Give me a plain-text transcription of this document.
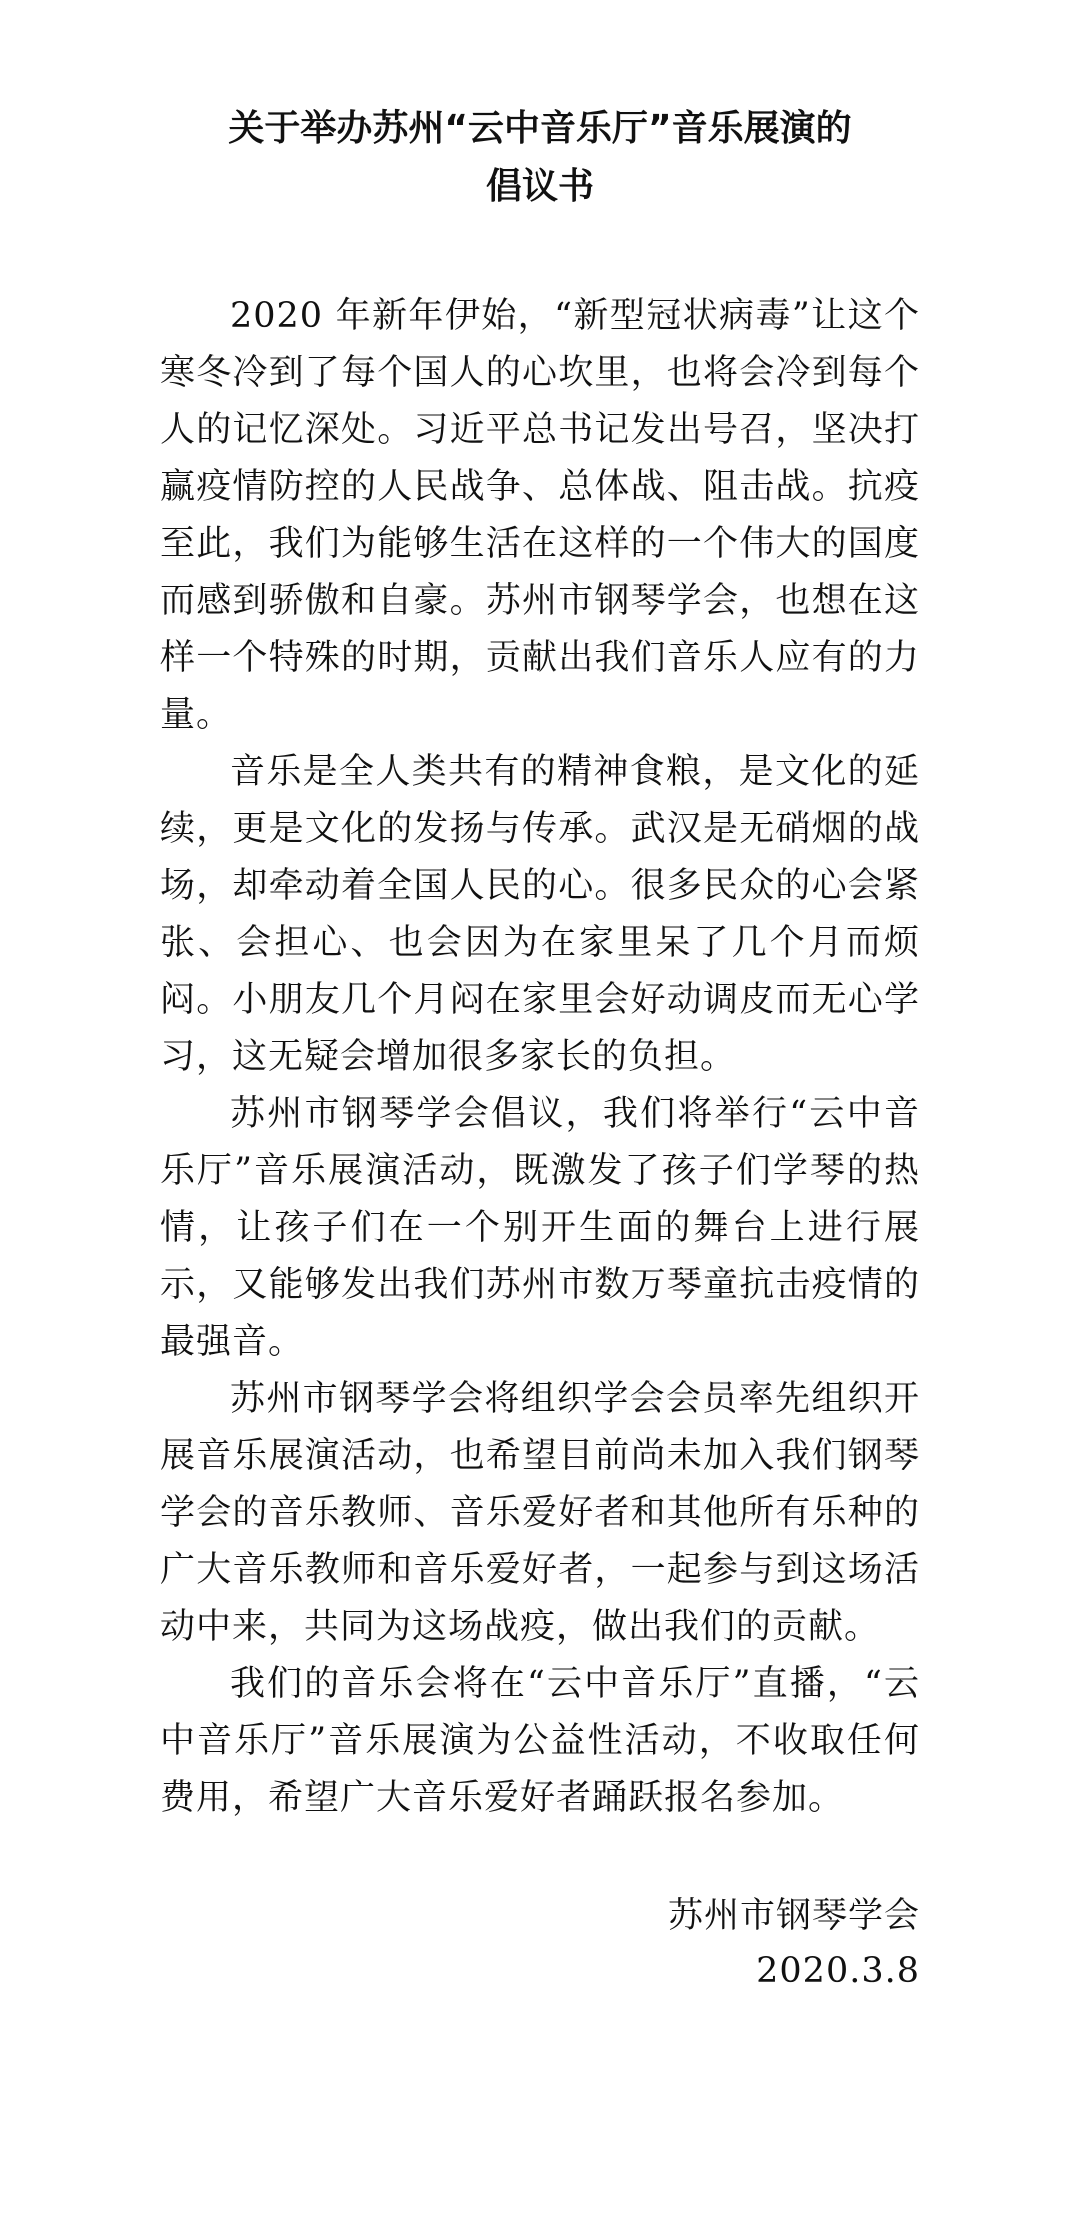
关于举办苏州“云中音乐厅”音乐展演的
倡议书

2020 年新年伊始，“新型冠状病毒”让这个寒冬冷到了每个国人的心坎里，也将会冷到每个人的记忆深处。习近平总书记发出号召，坚决打赢疫情防控的人民战争、总体战、阻击战。抗疫至此，我们为能够生活在这样的一个伟大的国度而感到骄傲和自豪。苏州市钢琴学会，也想在这样一个特殊的时期，贡献出我们音乐人应有的力量。

音乐是全人类共有的精神食粮，是文化的延续，更是文化的发扬与传承。武汉是无硝烟的战场，却牵动着全国人民的心。很多民众的心会紧张、会担心、也会因为在家里呆了几个月而烦闷。小朋友几个月闷在家里会好动调皮而无心学习，这无疑会增加很多家长的负担。

苏州市钢琴学会倡议，我们将举行“云中音乐厅”音乐展演活动，既激发了孩子们学琴的热情，让孩子们在一个别开生面的舞台上进行展示，又能够发出我们苏州市数万琴童抗击疫情的最强音。

苏州市钢琴学会将组织学会会员率先组织开展音乐展演活动，也希望目前尚未加入我们钢琴学会的音乐教师、音乐爱好者和其他所有乐种的广大音乐教师和音乐爱好者，一起参与到这场活动中来，共同为这场战疫，做出我们的贡献。

我们的音乐会将在“云中音乐厅”直播，“云中音乐厅”音乐展演为公益性活动，不收取任何费用，希望广大音乐爱好者踊跃报名参加。

苏州市钢琴学会
2020.3.8
